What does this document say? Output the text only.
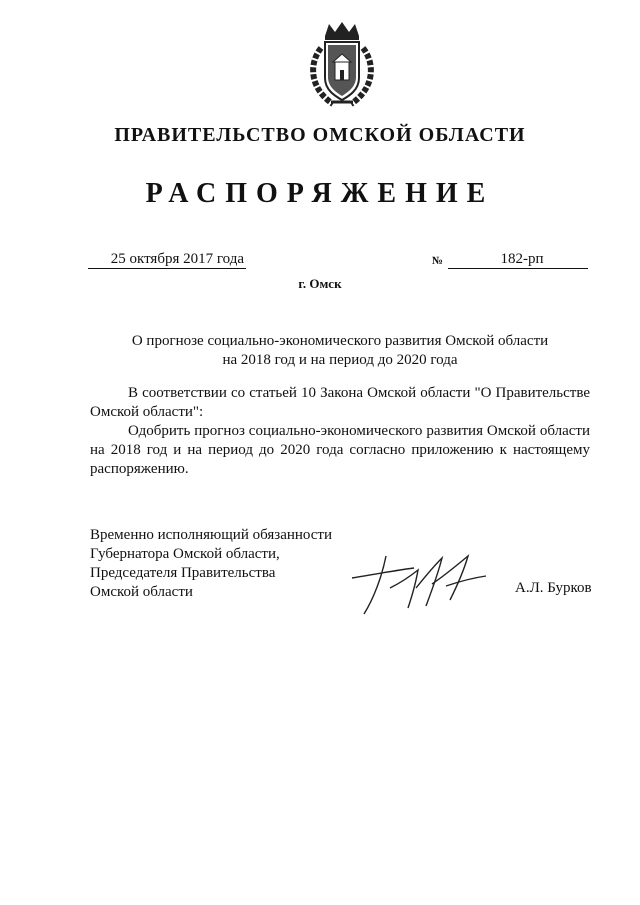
ПРАВИТЕЛЬСТВО ОМСКОЙ ОБЛАСТИ
РАСПОРЯЖЕНИЕ
25 октября 2017 года	№	182-рп
г. Омск
О прогнозе социально-экономического развития Омской области
на 2018 год и на период до 2020 года

В соответствии со статьей 10 Закона Омской области "О Правительстве Омской области":

Одобрить прогноз социально-экономического развития Омской области на 2018 год и на период до 2020 года согласно приложению к настоящему распоряжению.

Временно исполняющий обязанности
Губернатора Омской области,
Председателя Правительства
Омской области	А.Л. Бурков
